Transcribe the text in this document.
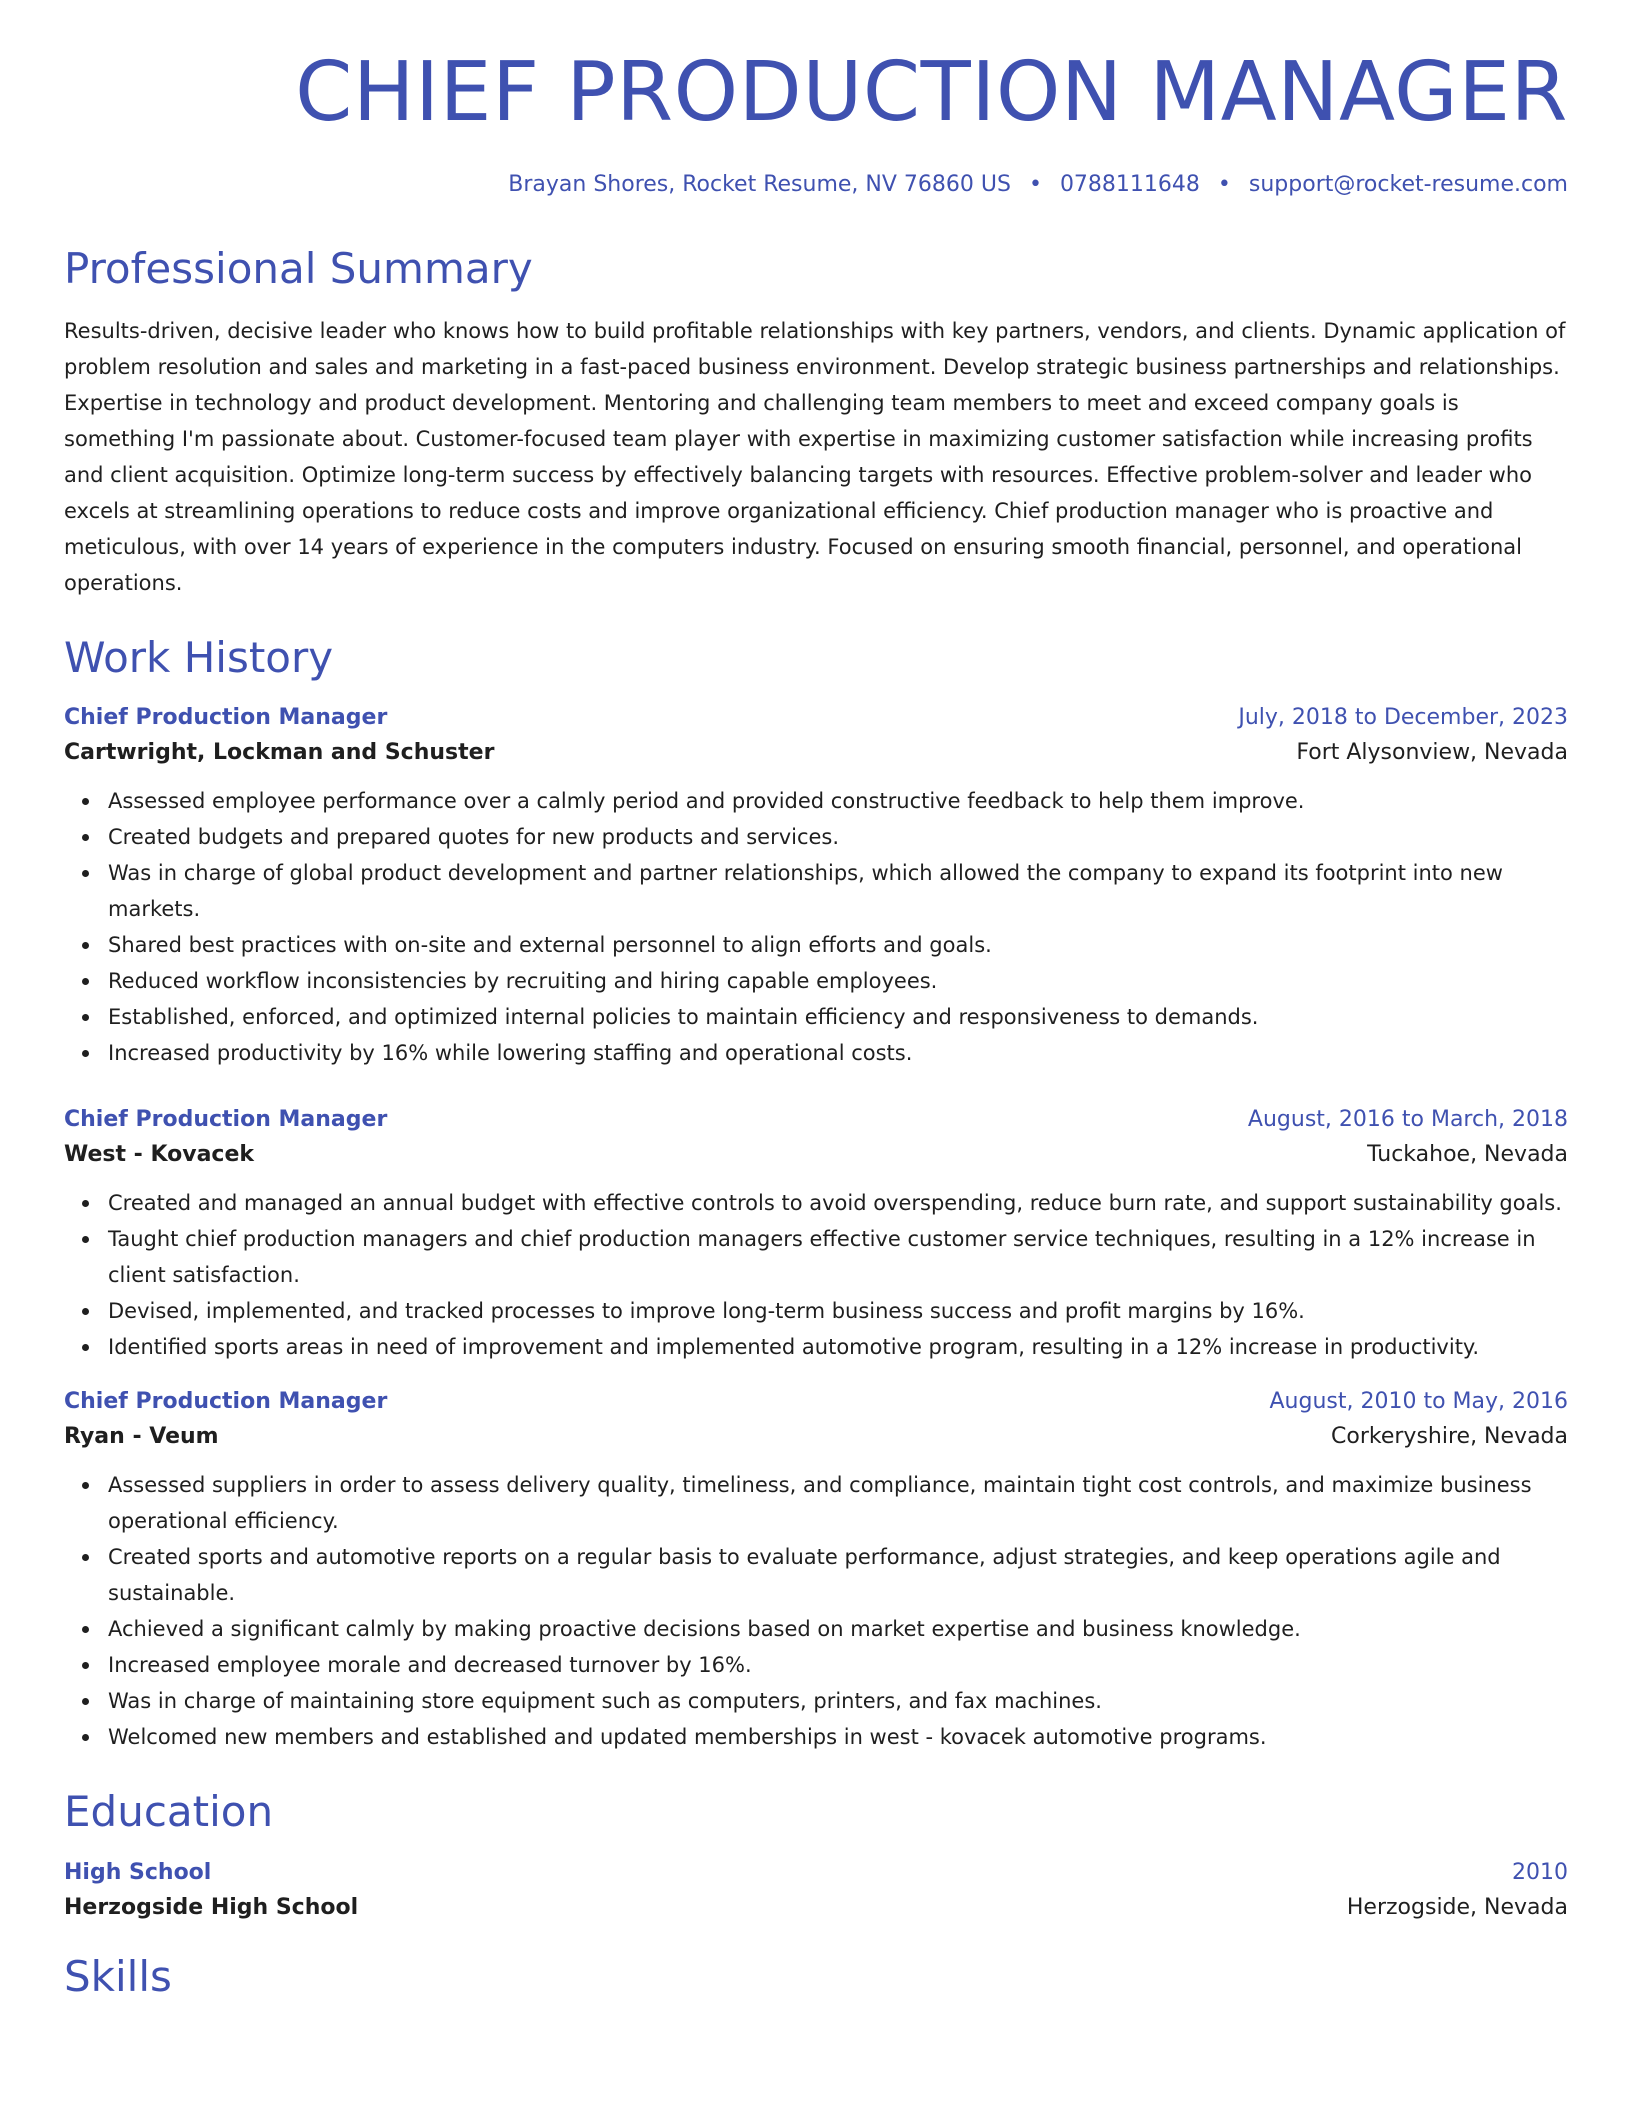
CHIEF PRODUCTION MANAGER
Brayan Shores, Rocket Resume, NV 76860 US • 0788111648 • support@rocket-resume.com
Professional Summary
Results-driven, decisive leader who knows how to build profitable relationships with key partners, vendors, and clients. Dynamic application of problem resolution and sales and marketing in a fast-paced business environment. Develop strategic business partnerships and relationships. Expertise in technology and product development. Mentoring and challenging team members to meet and exceed company goals is something I'm passionate about. Customer-focused team player with expertise in maximizing customer satisfaction while increasing profits and client acquisition. Optimize long-term success by effectively balancing targets with resources. Effective problem-solver and leader who excels at streamlining operations to reduce costs and improve organizational efficiency. Chief production manager who is proactive and meticulous, with over 14 years of experience in the computers industry. Focused on ensuring smooth financial, personnel, and operational operations.
Work History
Chief Production Manager	July, 2018 to December, 2023
Cartwright, Lockman and Schuster	Fort Alysonview, Nevada
Assessed employee performance over a calmly period and provided constructive feedback to help them improve.
Created budgets and prepared quotes for new products and services.
Was in charge of global product development and partner relationships, which allowed the company to expand its footprint into new markets.
Shared best practices with on-site and external personnel to align efforts and goals.
Reduced workflow inconsistencies by recruiting and hiring capable employees.
Established, enforced, and optimized internal policies to maintain efficiency and responsiveness to demands.
Increased productivity by 16% while lowering staffing and operational costs.
Chief Production Manager	August, 2016 to March, 2018
West - Kovacek	Tuckahoe, Nevada
Created and managed an annual budget with effective controls to avoid overspending, reduce burn rate, and support sustainability goals.
Taught chief production managers and chief production managers effective customer service techniques, resulting in a 12% increase in client satisfaction.
Devised, implemented, and tracked processes to improve long-term business success and profit margins by 16%.
Identified sports areas in need of improvement and implemented automotive program, resulting in a 12% increase in productivity.
Chief Production Manager	August, 2010 to May, 2016
Ryan - Veum	Corkeryshire, Nevada
Assessed suppliers in order to assess delivery quality, timeliness, and compliance, maintain tight cost controls, and maximize business operational efficiency.
Created sports and automotive reports on a regular basis to evaluate performance, adjust strategies, and keep operations agile and sustainable.
Achieved a significant calmly by making proactive decisions based on market expertise and business knowledge.
Increased employee morale and decreased turnover by 16%.
Was in charge of maintaining store equipment such as computers, printers, and fax machines.
Welcomed new members and established and updated memberships in west - kovacek automotive programs.
Education
High School	2010
Herzogside High School	Herzogside, Nevada
Skills
